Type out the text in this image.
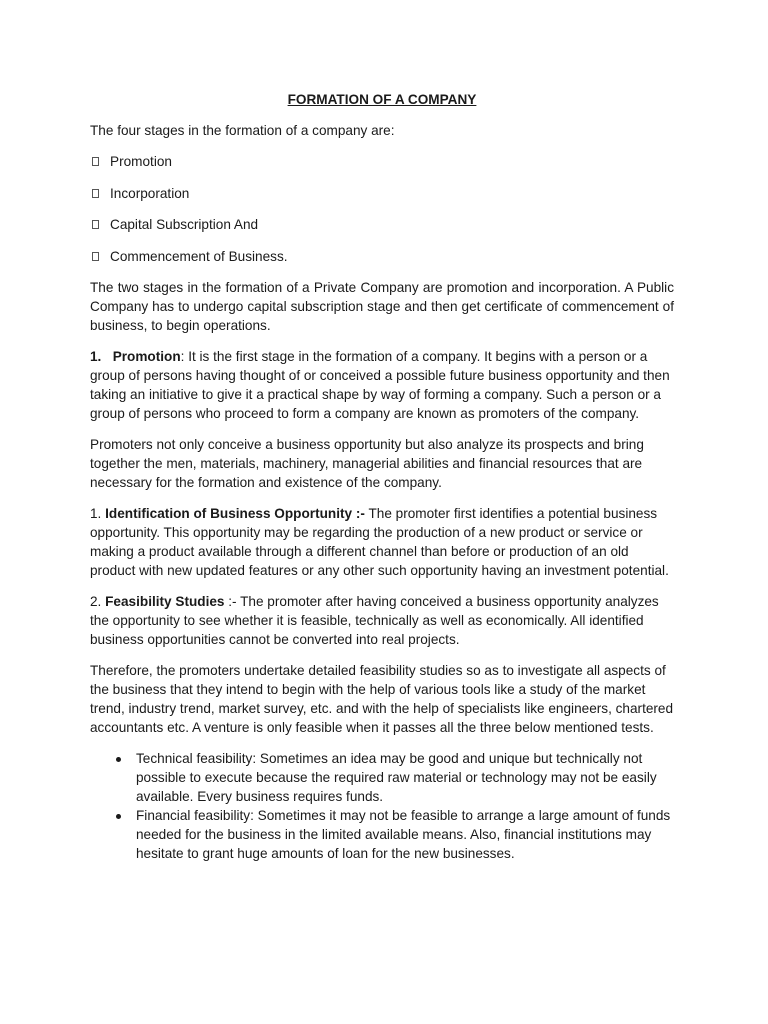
FORMATION OF A COMPANY

The four stages in the formation of a company are:

Promotion
Incorporation
Capital Subscription And
Commencement of Business.

The two stages in the formation of a Private Company are promotion and incorporation. A Public Company has to undergo capital subscription stage and then get certificate of commencement of business, to begin operations.

1. Promotion: It is the first stage in the formation of a company. It begins with a person or a group of persons having thought of or conceived a possible future business opportunity and then taking an initiative to give it a practical shape by way of forming a company. Such a person or a group of persons who proceed to form a company are known as promoters of the company.

Promoters not only conceive a business opportunity but also analyze its prospects and bring together the men, materials, machinery, managerial abilities and financial resources that are necessary for the formation and existence of the company.

1. Identification of Business Opportunity :- The promoter first identifies a potential business opportunity. This opportunity may be regarding the production of a new product or service or making a product available through a different channel than before or production of an old product with new updated features or any other such opportunity having an investment potential.

2. Feasibility Studies :- The promoter after having conceived a business opportunity analyzes the opportunity to see whether it is feasible, technically as well as economically. All identified business opportunities cannot be converted into real projects.

Therefore, the promoters undertake detailed feasibility studies so as to investigate all aspects of the business that they intend to begin with the help of various tools like a study of the market trend, industry trend, market survey, etc. and with the help of specialists like engineers, chartered accountants etc. A venture is only feasible when it passes all the three below mentioned tests.

Technical feasibility: Sometimes an idea may be good and unique but technically not possible to execute because the required raw material or technology may not be easily available. Every business requires funds.
Financial feasibility: Sometimes it may not be feasible to arrange a large amount of funds needed for the business in the limited available means. Also, financial institutions may hesitate to grant huge amounts of loan for the new businesses.
